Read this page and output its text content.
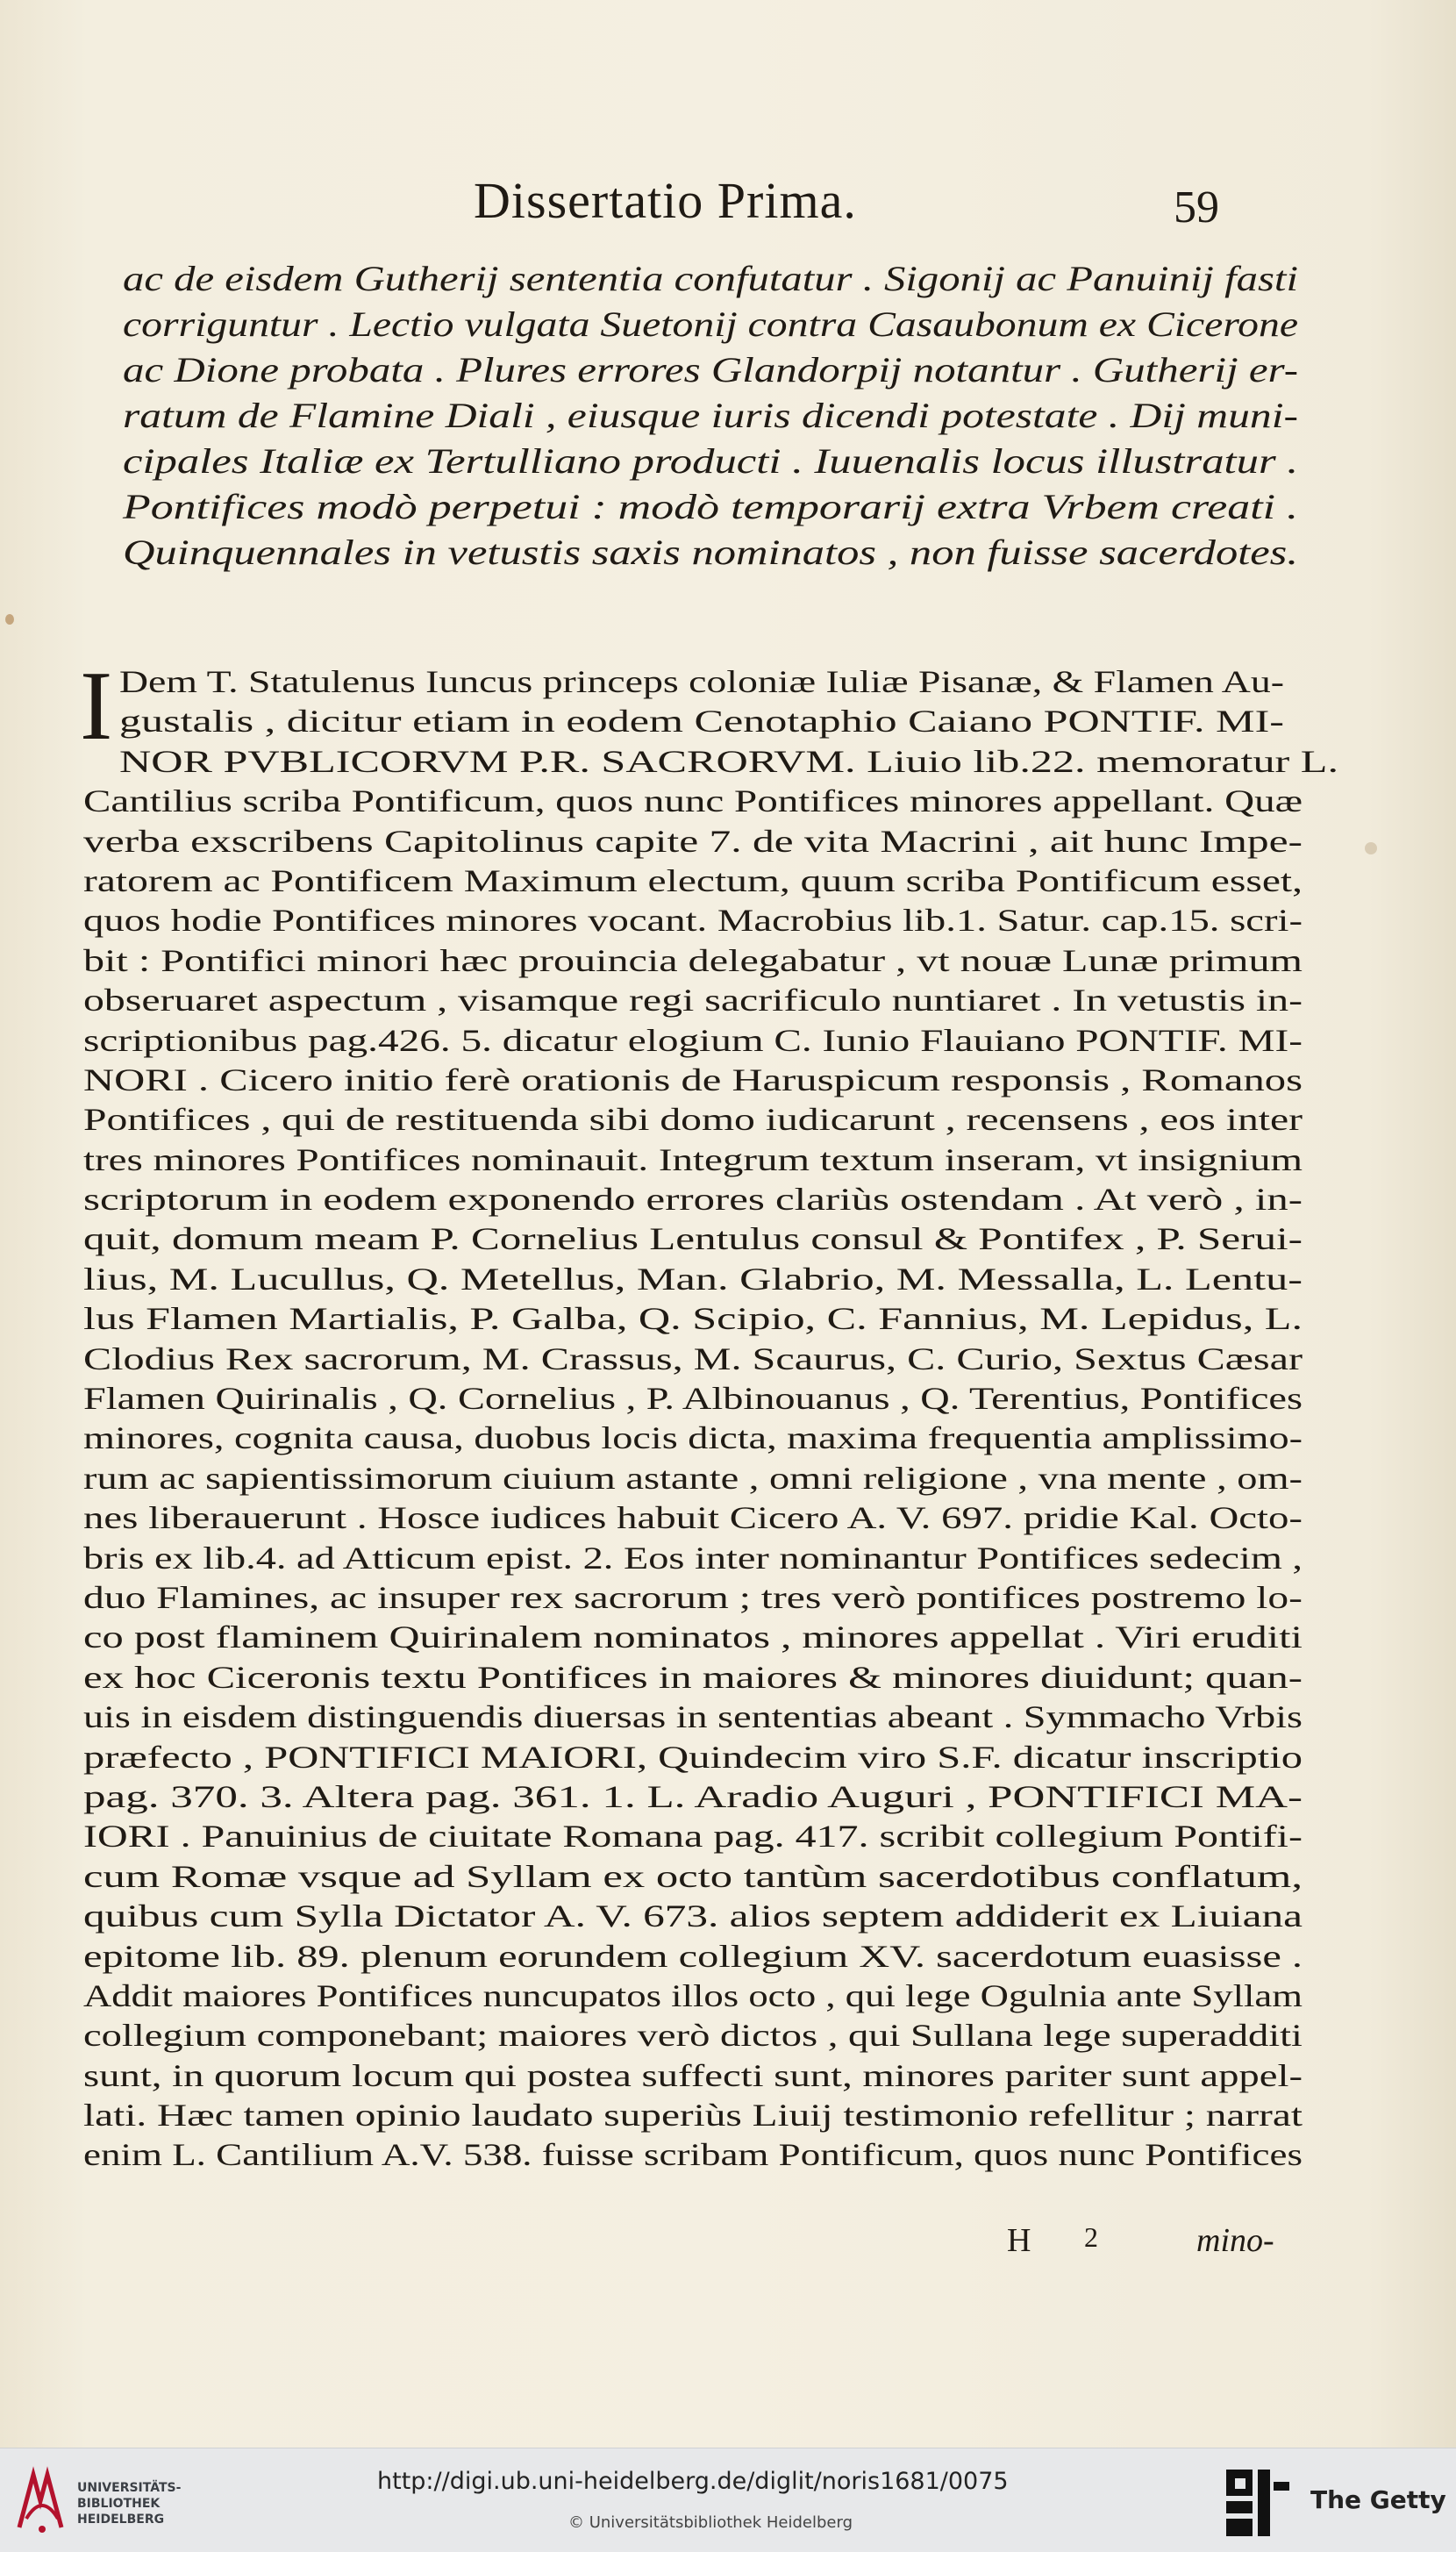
Dissertatio Prima.	59
ac de eisdem Gutherij sententia confutatur . Sigonij ac Panuinij fasti
corriguntur . Lectio vulgata Suetonij contra Casaubonum ex Cicerone
ac Dione probata . Plures errores Glandorpij notantur . Gutherij er-
ratum de Flamine Diali , eiusque iuris dicendi potestate . Dij muni-
cipales Italiæ ex Tertulliano producti . Iuuenalis locus illustratur .
Pontifices modò perpetui : modò temporarij extra Vrbem creati .
Quinquennales in vetustis saxis nominatos , non fuisse sacerdotes.
I Dem T. Statulenus Iuncus princeps coloniæ Iuliæ Pisanæ, & Flamen Au-
gustalis , dicitur etiam in eodem Cenotaphio Caiano PONTIF. MI-
NOR PVBLICORVM P.R. SACRORVM. Liuio lib.22. memoratur L.
Cantilius scriba Pontificum, quos nunc Pontifices minores appellant. Quæ
verba exscribens Capitolinus capite 7. de vita Macrini , ait hunc Impe-
ratorem ac Pontificem Maximum electum, quum scriba Pontificum esset,
quos hodie Pontifices minores vocant. Macrobius lib.1. Satur. cap.15. scri-
bit : Pontifici minori hæc prouincia delegabatur , vt nouæ Lunæ primum
obseruaret aspectum , visamque regi sacrificulo nuntiaret . In vetustis in-
scriptionibus pag.426. 5. dicatur elogium C. Iunio Flauiano PONTIF. MI-
NORI . Cicero initio ferè orationis de Haruspicum responsis , Romanos
Pontifices , qui de restituenda sibi domo iudicarunt , recensens , eos inter
tres minores Pontifices nominauit. Integrum textum inseram, vt insignium
scriptorum in eodem exponendo errores clariùs ostendam . At verò , in-
quit, domum meam P. Cornelius Lentulus consul & Pontifex , P. Serui-
lius, M. Lucullus, Q. Metellus, Man. Glabrio, M. Messalla, L. Lentu-
lus Flamen Martialis, P. Galba, Q. Scipio, C. Fannius, M. Lepidus, L.
Clodius Rex sacrorum, M. Crassus, M. Scaurus, C. Curio, Sextus Cæsar
Flamen Quirinalis , Q. Cornelius , P. Albinouanus , Q. Terentius, Pontifices
minores, cognita causa, duobus locis dicta, maxima frequentia amplissimo-
rum ac sapientissimorum ciuium astante , omni religione , vna mente , om-
nes liberauerunt . Hosce iudices habuit Cicero A. V. 697. pridie Kal. Octo-
bris ex lib.4. ad Atticum epist. 2. Eos inter nominantur Pontifices sedecim ,
duo Flamines, ac insuper rex sacrorum ; tres verò pontifices postremo lo-
co post flaminem Quirinalem nominatos , minores appellat . Viri eruditi
ex hoc Ciceronis textu Pontifices in maiores & minores diuidunt; quan-
uis in eisdem distinguendis diuersas in sententias abeant . Symmacho Vrbis
præfecto , PONTIFICI MAIORI, Quindecim viro S.F. dicatur inscriptio
pag. 370. 3. Altera pag. 361. 1. L. Aradio Auguri , PONTIFICI MA-
IORI . Panuinius de ciuitate Romana pag. 417. scribit collegium Pontifi-
cum Romæ vsque ad Syllam ex octo tantùm sacerdotibus conflatum,
quibus cum Sylla Dictator A. V. 673. alios septem addiderit ex Liuiana
epitome lib. 89. plenum eorundem collegium XV. sacerdotum euasisse .
Addit maiores Pontifices nuncupatos illos octo , qui lege Ogulnia ante Syllam
collegium componebant; maiores verò dictos , qui Sullana lege superadditi
sunt, in quorum locum qui postea suffecti sunt, minores pariter sunt appel-
lati. Hæc tamen opinio laudato superiùs Liuij testimonio refellitur ; narrat
enim L. Cantilium A.V. 538. fuisse scribam Pontificum, quos nunc Pontifices
H 2	mino-
UNIVERSITÄTS-
BIBLIOTHEK
HEIDELBERG
http://digi.ub.uni-heidelberg.de/diglit/noris1681/0075
© Universitätsbibliothek Heidelberg
The Getty
